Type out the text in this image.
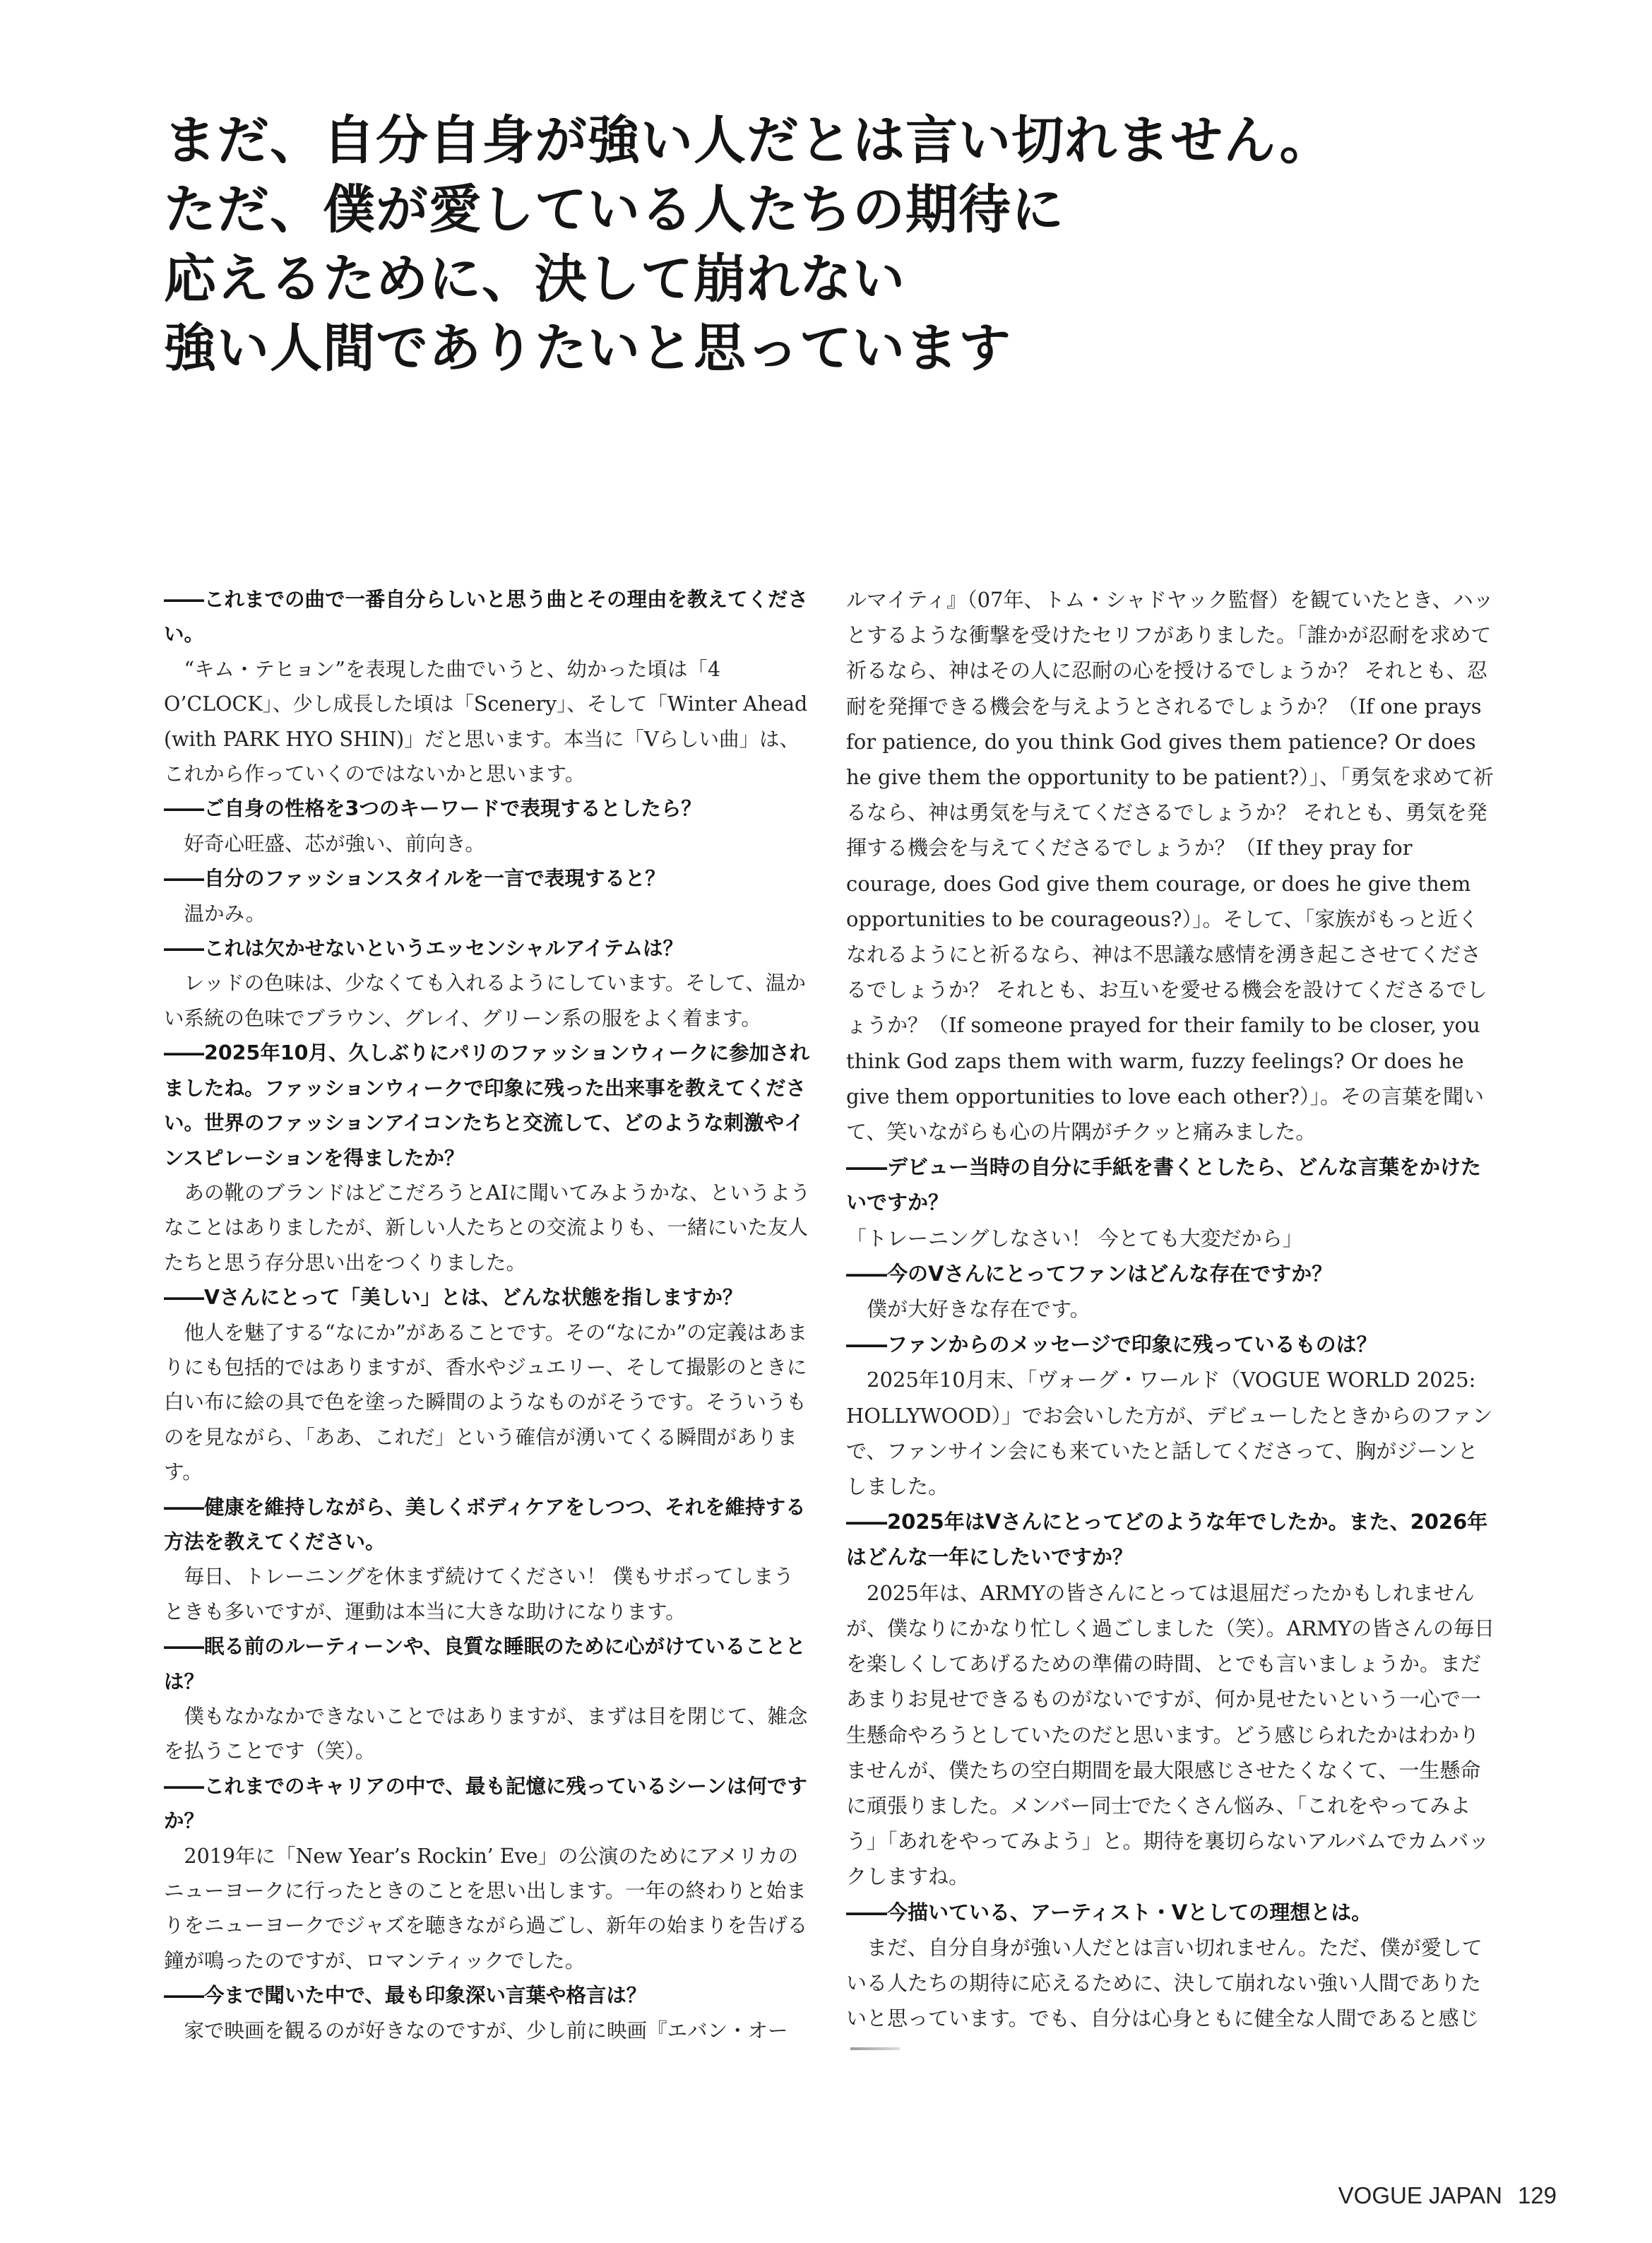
まだ、自分自身が強い人だとは言い切れません。
ただ、僕が愛している人たちの期待に
応えるために、決して崩れない
強い人間でありたいと思っています

――これまでの曲で一番自分らしいと思う曲とその理由を教えてください。

“キム・テヒョン”を表現した曲でいうと、幼かった頃は「4 O’CLOCK」、少し成長した頃は「Scenery」、そして「Winter Ahead (with PARK HYO SHIN)」だと思います。本当に「Vらしい曲」は、これから作っていくのではないかと思います。

――ご自身の性格を3つのキーワードで表現するとしたら？

好奇心旺盛、芯が強い、前向き。

――自分のファッションスタイルを一言で表現すると？

温かみ。

――これは欠かせないというエッセンシャルアイテムは？

レッドの色味は、少なくても入れるようにしています。そして、温かい系統の色味でブラウン、グレイ、グリーン系の服をよく着ます。

――2025年10月、久しぶりにパリのファッションウィークに参加されましたね。ファッションウィークで印象に残った出来事を教えてください。世界のファッションアイコンたちと交流して、どのような刺激やインスピレーションを得ましたか？

あの靴のブランドはどこだろうとAIに聞いてみようかな、というようなことはありましたが、新しい人たちとの交流よりも、一緒にいた友人たちと思う存分思い出をつくりました。

――Vさんにとって「美しい」とは、どんな状態を指しますか？

他人を魅了する“なにか”があることです。その“なにか”の定義はあまりにも包括的ではありますが、香水やジュエリー、そして撮影のときに白い布に絵の具で色を塗った瞬間のようなものがそうです。そういうものを見ながら、「ああ、これだ」という確信が湧いてくる瞬間があります。

――健康を維持しながら、美しくボディケアをしつつ、それを維持する方法を教えてください。

毎日、トレーニングを休まず続けてください！ 僕もサボってしまうときも多いですが、運動は本当に大きな助けになります。

――眠る前のルーティーンや、良質な睡眠のために心がけていることとは？

僕もなかなかできないことではありますが、まずは目を閉じて、雑念を払うことです（笑）。

――これまでのキャリアの中で、最も記憶に残っているシーンは何ですか？

2019年に「New Year’s Rockin’ Eve」の公演のためにアメリカのニューヨークに行ったときのことを思い出します。一年の終わりと始まりをニューヨークでジャズを聴きながら過ごし、新年の始まりを告げる鐘が鳴ったのですが、ロマンティックでした。

――今まで聞いた中で、最も印象深い言葉や格言は？

家で映画を観るのが好きなのですが、少し前に映画『エバン・オー

ルマイティ』（07年、トム・シャドヤック監督）を観ていたとき、ハッとするような衝撃を受けたセリフがありました。「誰かが忍耐を求めて祈るなら、神はその人に忍耐の心を授けるでしょうか？ それとも、忍耐を発揮できる機会を与えようとされるでしょうか？（If one prays for patience, do you think God gives them patience? Or does he give them the opportunity to be patient?）」、「勇気を求めて祈るなら、神は勇気を与えてくださるでしょうか？ それとも、勇気を発揮する機会を与えてくださるでしょうか？（If they pray for courage, does God give them courage, or does he give them opportunities to be courageous?）」。そして、「家族がもっと近くなれるようにと祈るなら、神は不思議な感情を湧き起こさせてくださるでしょうか？ それとも、お互いを愛せる機会を設けてくださるでしょうか？（If someone prayed for their family to be closer, you think God zaps them with warm, fuzzy feelings? Or does he give them opportunities to love each other?）」。その言葉を聞いて、笑いながらも心の片隅がチクッと痛みました。

――デビュー当時の自分に手紙を書くとしたら、どんな言葉をかけたいですか？

「トレーニングしなさい！ 今とても大変だから」

――今のVさんにとってファンはどんな存在ですか？

僕が大好きな存在です。

――ファンからのメッセージで印象に残っているものは？

2025年10月末、「ヴォーグ・ワールド（VOGUE WORLD 2025: HOLLYWOOD）」でお会いした方が、デビューしたときからのファンで、ファンサイン会にも来ていたと話してくださって、胸がジーンとしました。

――2025年はVさんにとってどのような年でしたか。また、2026年はどんな一年にしたいですか？

2025年は、ARMYの皆さんにとっては退屈だったかもしれませんが、僕なりにかなり忙しく過ごしました（笑）。ARMYの皆さんの毎日を楽しくしてあげるための準備の時間、とでも言いましょうか。まだあまりお見せできるものがないですが、何か見せたいという一心で一生懸命やろうとしていたのだと思います。どう感じられたかはわかりませんが、僕たちの空白期間を最大限感じさせたくなくて、一生懸命に頑張りました。メンバー同士でたくさん悩み、「これをやってみよう」「あれをやってみよう」と。期待を裏切らないアルバムでカムバックしますね。

――今描いている、アーティスト・Vとしての理想とは。

まだ、自分自身が強い人だとは言い切れません。ただ、僕が愛している人たちの期待に応えるために、決して崩れない強い人間でありたいと思っています。でも、自分は心身ともに健全な人間であると感じ

VOGUE JAPAN 129
